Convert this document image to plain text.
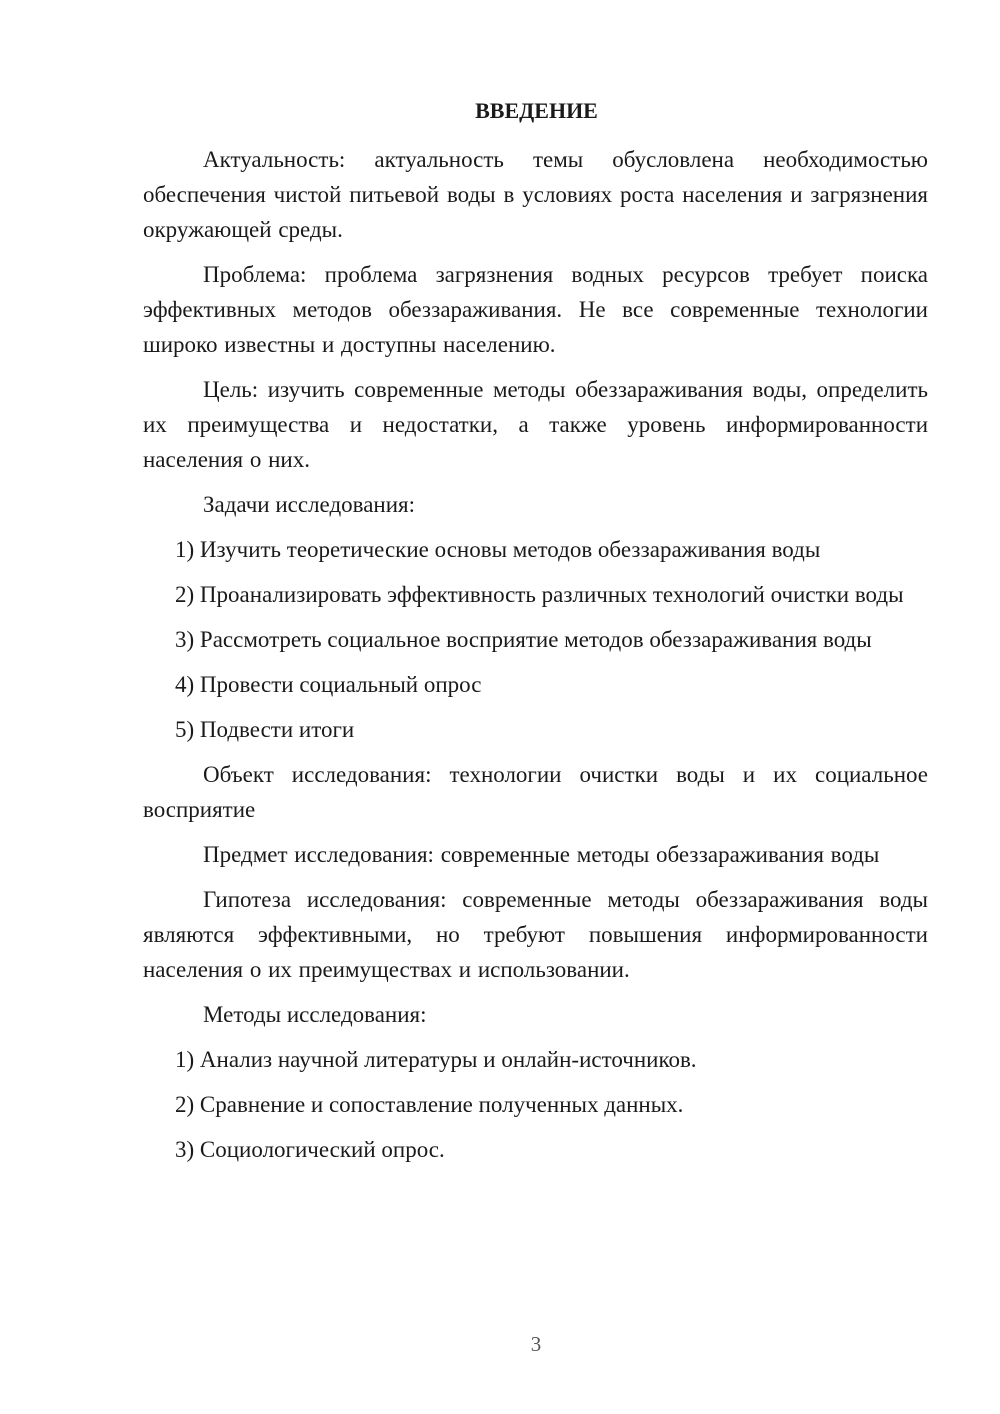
ВВЕДЕНИЕ

Актуальность: актуальность темы обусловлена необходимостью обеспечения чистой питьевой воды в условиях роста населения и загрязнения окружающей среды.

Проблема: проблема загрязнения водных ресурсов требует поиска эффективных методов обеззараживания. Не все современные технологии широко известны и доступны населению.

Цель: изучить современные методы обеззараживания воды, определить их преимущества и недостатки, а также уровень информированности населения о них.

Задачи исследования:

1) Изучить теоретические основы методов обеззараживания воды

2) Проанализировать эффективность различных технологий очистки воды

3) Рассмотреть социальное восприятие методов обеззараживания воды

4) Провести социальный опрос

5) Подвести итоги

Объект исследования: технологии очистки воды и их социальное восприятие

Предмет исследования: современные методы обеззараживания воды

Гипотеза исследования: современные методы обеззараживания воды являются эффективными, но требуют повышения информированности населения о их преимуществах и использовании.

Методы исследования:

1) Анализ научной литературы и онлайн-источников.

2) Сравнение и сопоставление полученных данных.

3) Социологический опрос.

3
